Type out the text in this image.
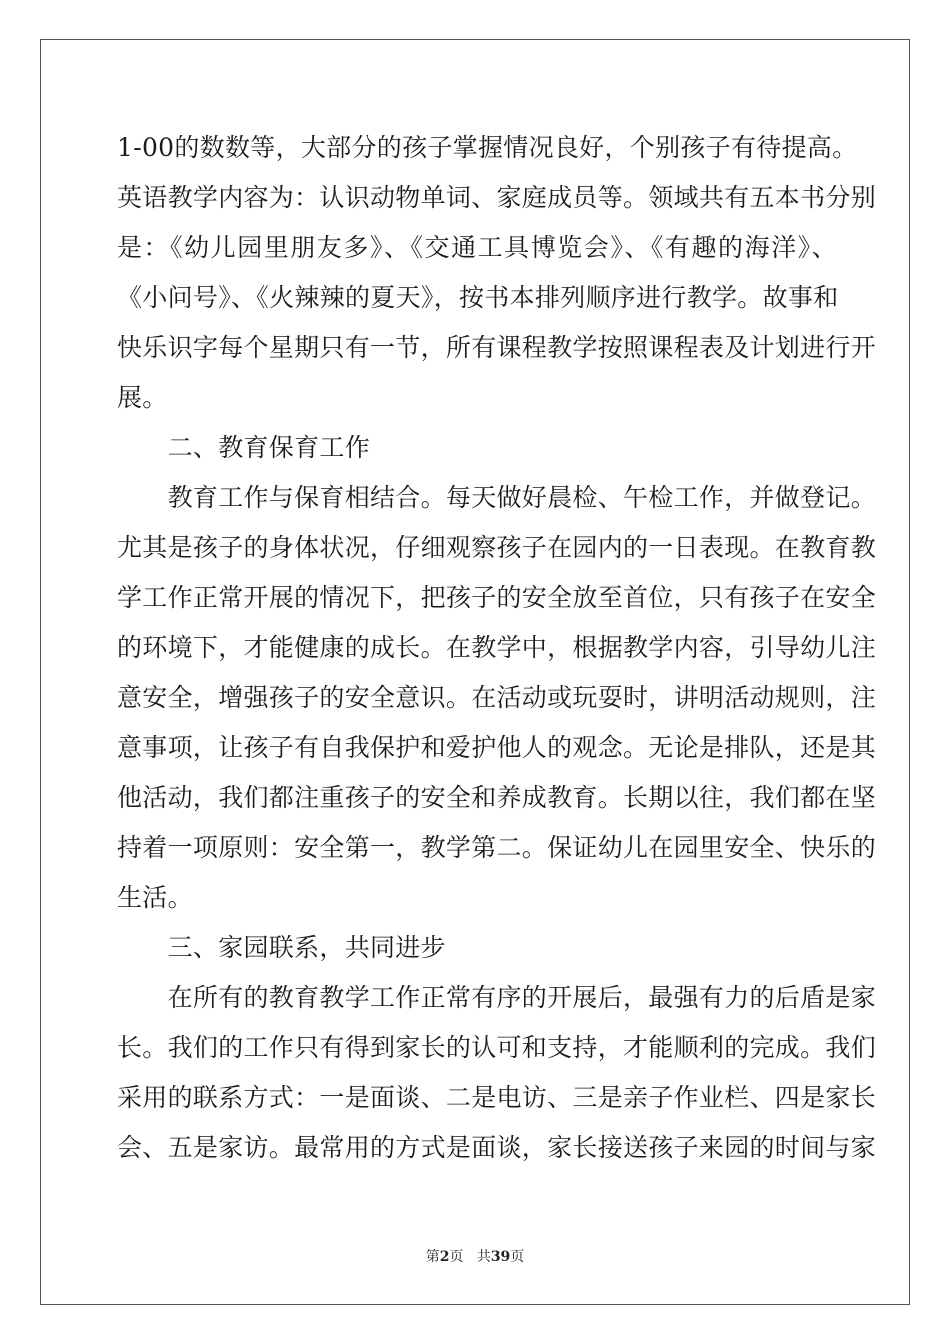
1-00的数数等，大部分的孩子掌握情况良好，个别孩子有待提高。
英语教学内容为：认识动物单词、家庭成员等。领域共有五本书分别
是：《幼儿园里朋友多》、《交通工具博览会》、《有趣的海洋》、
《小问号》、《火辣辣的夏天》，按书本排列顺序进行教学。故事和
快乐识字每个星期只有一节，所有课程教学按照课程表及计划进行开
展。
　　二、教育保育工作
　　教育工作与保育相结合。每天做好晨检、午检工作，并做登记。
尤其是孩子的身体状况，仔细观察孩子在园内的一日表现。在教育教
学工作正常开展的情况下，把孩子的安全放至首位，只有孩子在安全
的环境下，才能健康的成长。在教学中，根据教学内容，引导幼儿注
意安全，增强孩子的安全意识。在活动或玩耍时，讲明活动规则，注
意事项，让孩子有自我保护和爱护他人的观念。无论是排队，还是其
他活动，我们都注重孩子的安全和养成教育。长期以往，我们都在坚
持着一项原则：安全第一，教学第二。保证幼儿在园里安全、快乐的
生活。
　　三、家园联系，共同进步
　　在所有的教育教学工作正常有序的开展后，最强有力的后盾是家
长。我们的工作只有得到家长的认可和支持，才能顺利的完成。我们
采用的联系方式：一是面谈、二是电访、三是亲子作业栏、四是家长
会、五是家访。最常用的方式是面谈，家长接送孩子来园的时间与家
第2页 共39页
